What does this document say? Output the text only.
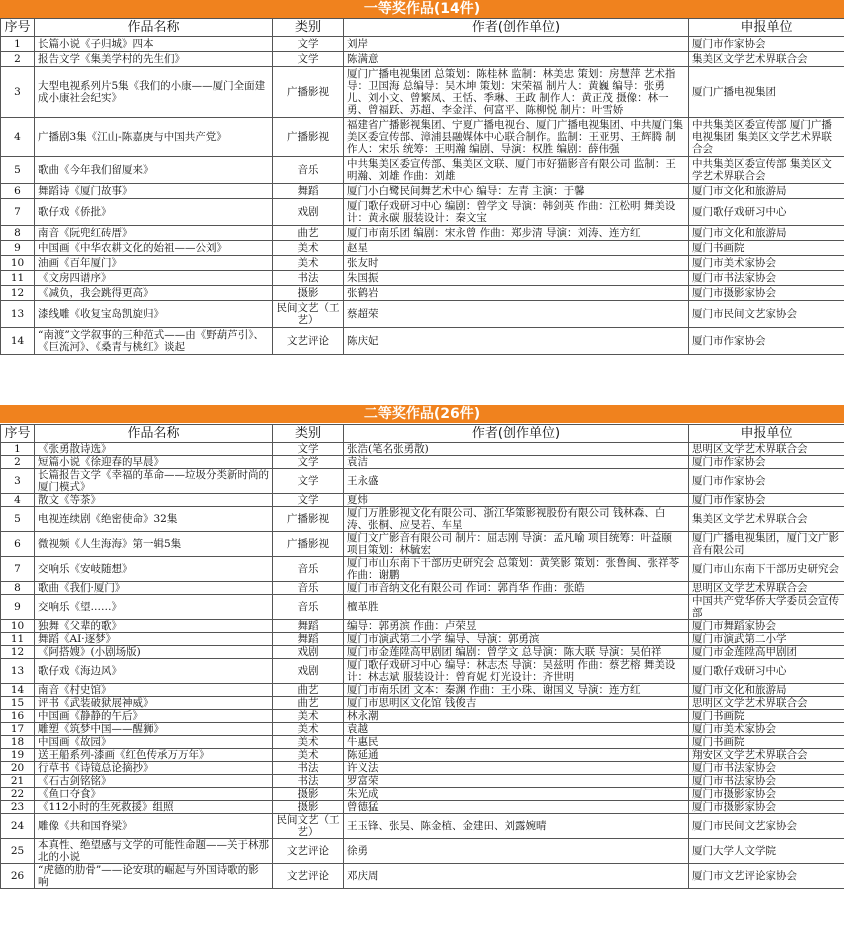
一等奖作品(14件)
序号	作品名称	类别	作者(创作单位)	申报单位
1	长篇小说《子归城》四本	文学	刘岸	厦门市作家协会
2	报告文学《集美学村的先生们》	文学	陈满意	集美区文学艺术界联合会
3	大型电视系列片5集《我们的小康——厦门全面建成小康社会纪实》	广播影视	厦门广播电视集团 总策划：陈桂林 监制：林美忠 策划：房慧萍 艺术指导：卫国海 总编导：吴木坤 策划：宋荣福 制片人：黄巍 编导：张勇儿、刘小文、曾繁凤、王恬、季琳、王政 制作人：黄正茂 摄像：林一勇、曾福跃、苏超、李金洋、何富平、陈柳悦 制片：叶雪娇	厦门广播电视集团
4	广播剧3集《江山-陈嘉庚与中国共产党》	广播影视	福建省广播影视集团、宁夏广播电视台、厦门广播电视集团、中共厦门集美区委宣传部、漳浦县融媒体中心联合制作。监制：王亚男、王辉腾 制作人：宋乐 统筹：王明瀚 编剧、导演：权胜 编剧：薛伟强	中共集美区委宣传部 厦门广播电视集团 集美区文学艺术界联合会
5	歌曲《今年我们留厦来》	音乐	中共集美区委宣传部、集美区文联、厦门市好猫影音有限公司 监制：王明瀚、刘雄 作曲：刘雄	中共集美区委宣传部 集美区文学艺术界联合会
6	舞蹈诗《厦门故事》	舞蹈	厦门小白鹭民间舞艺术中心 编导：左青 主演：于馨	厦门市文化和旅游局
7	歌仔戏《侨批》	戏剧	厦门歌仔戏研习中心 编剧：曾学文 导演：韩剑英 作曲：江松明 舞美设计：黄永碳 服装设计：秦文宝	厦门歌仔戏研习中心
8	南音《阮兜红砖厝》	曲艺	厦门市南乐团 编剧：宋永曾 作曲：郑步清 导演：刘涛、连方红	厦门市文化和旅游局
9	中国画《中华农耕文化的始祖——公刘》	美术	赵星	厦门书画院
10	油画《百年厦门》	美术	张友时	厦门市美术家协会
11	《文房四谱序》	书法	朱国振	厦门市书法家协会
12	《减负，我会跳得更高》	摄影	张鹤岩	厦门市摄影家协会
13	漆线雕《收复宝岛凯旋归》	民间文艺（工艺）	蔡超荣	厦门市民间文艺家协会
14	“南渡”文学叙事的三种范式——由《野葫芦引》、《巨流河》、《桑青与桃红》谈起	文艺评论	陈庆妃	厦门市作家协会
二等奖作品(26件)
序号	作品名称	类别	作者(创作单位)	申报单位
1	《张勇散诗选》	文学	张浩(笔名张勇散)	思明区文学艺术界联合会
2	短篇小说《徐迎春的早晨》	文学	袁洁	厦门市作家协会
3	长篇报告文学《幸福的革命——垃圾分类新时尚的厦门模式》	文学	王永盛	厦门市作家协会
4	散文《等茶》	文学	夏炜	厦门市作家协会
5	电视连续剧《绝密使命》32集	广播影视	厦门万胜影视文化有限公司、浙江华策影视股份有限公司 钱林森、白涛、张桐、应旻若、车星	集美区文学艺术界联合会
6	微视频《人生海海》第一辑5集	广播影视	厦门文广影音有限公司 制片：屈志刚 导演：孟凡喻 项目统筹：叶益颐 项目策划：林毓宏	厦门广播电视集团，厦门文广影音有限公司
7	交响乐《安岐随想》	音乐	厦门市山东南下干部历史研究会 总策划：黄笑影 策划：张鲁闽、张祥苓 作曲：谢鹏	厦门市山东南下干部历史研究会
8	歌曲《我们·厦门》	音乐	厦门市音纳文化有限公司 作词：郭肖华 作曲：张皓	思明区文学艺术界联合会
9	交响乐《望……》	音乐	檀革胜	中国共产党华侨大学委员会宣传部
10	独舞《父辈的歌》	舞蹈	编导：郭勇滨 作曲：卢荣昱	厦门市舞蹈家协会
11	舞蹈《AI·逐梦》	舞蹈	厦门市演武第二小学 编导、导演：郭勇滨	厦门市演武第二小学
12	《阿搭嫂》(小剧场版)	戏剧	厦门市金莲陞高甲剧团 编剧：曾学文 总导演：陈大联 导演：吴伯祥	厦门市金莲陞高甲剧团
13	歌仔戏《海边风》	戏剧	厦门歌仔戏研习中心 编导：林志杰 导演：吴兹明 作曲：蔡艺榕 舞美设计：林志斌 服装设计：曾育妮 灯光设计：齐世明	厦门歌仔戏研习中心
14	南音《村史馆》	曲艺	厦门市南乐团 文本：秦渊 作曲：王小珠、谢国义 导演：连方红	厦门市文化和旅游局
15	评书《武装破狱展神威》	曲艺	厦门市思明区文化馆 钱俊吉	思明区文学艺术界联合会
16	中国画《静静的午后》	美术	林永潮	厦门书画院
17	雕塑《筑梦中国——醒狮》	美术	袁越	厦门市美术家协会
18	中国画《故园》	美术	牛惠民	厦门书画院
19	送王船系列-漆画《红色传承万万年》	美术	陈延通	翔安区文学艺术界联合会
20	行草书《诗镜总论摘抄》	书法	许义法	厦门市书法家协会
21	《石古剑铭铭》	书法	罗富荣	厦门市书法家协会
22	《鱼口夺食》	摄影	朱光成	厦门市摄影家协会
23	《112小时的生死救援》组照	摄影	曾德猛	厦门市摄影家协会
24	雕像《共和国脊梁》	民间文艺（工艺）	王玉锋、张昊、陈金植、金建田、刘露婉晴	厦门市民间文艺家协会
25	本真性、绝望感与文学的可能性命题——关于林那北的小说	文艺评论	徐勇	厦门大学人文学院
26	“虎德的肋骨”——论安琪的崛起与外国诗歌的影响	文艺评论	邓庆周	厦门市文艺评论家协会
